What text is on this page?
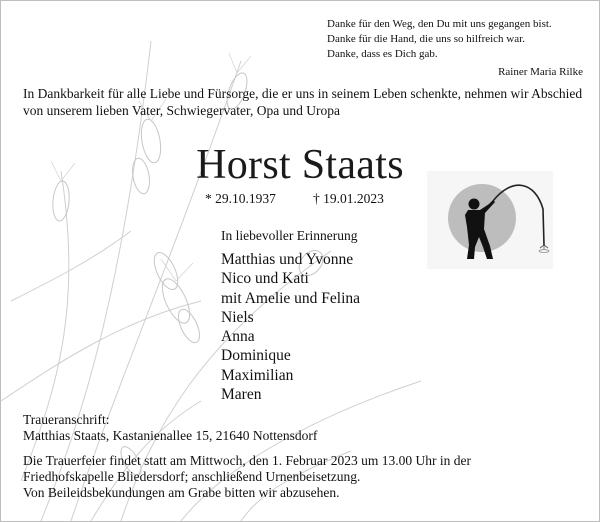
Danke für den Weg, den Du mit uns gegangen bist.
Danke für die Hand, die uns so hilfreich war.
Danke, dass es Dich gab.
Rainer Maria Rilke
In Dankbarkeit für alle Liebe und Fürsorge, die er uns in seinem Leben schenkte, nehmen wir Abschied von unserem lieben Vater, Schwiegervater, Opa und Uropa
Horst Staats
* 29.10.1937	† 19.01.2023
In liebevoller Erinnerung
Matthias und Yvonne
Nico und Kati
mit Amelie und Felina
Niels
Anna
Dominique
Maximilian
Maren
Traueranschrift:
Matthias Staats, Kastanienallee 15, 21640 Nottensdorf
Die Trauerfeier findet statt am Mittwoch, den 1. Februar 2023 um 13.00 Uhr in der
Friedhofskapelle Bliedersdorf; anschließend Urnenbeisetzung.
Von Beileidsbekundungen am Grabe bitten wir abzusehen.
